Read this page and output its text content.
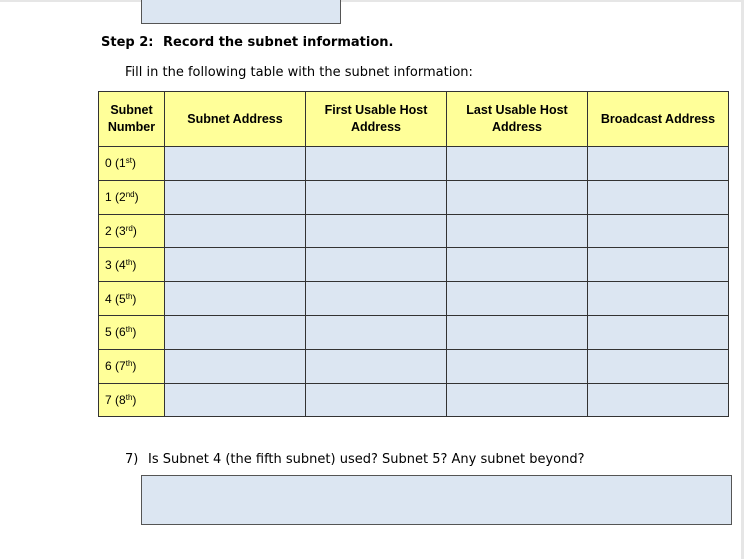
Step 2: Record the subnet information.
Fill in the following table with the subnet information:
Subnet Number	Subnet Address	First Usable Host Address	Last Usable Host Address	Broadcast Address
0 (1st)				
1 (2nd)				
2 (3rd)				
3 (4th)				
4 (5th)				
5 (6th)				
6 (7th)				
7 (8th)				
7) Is Subnet 4 (the fifth subnet) used? Subnet 5? Any subnet beyond?
